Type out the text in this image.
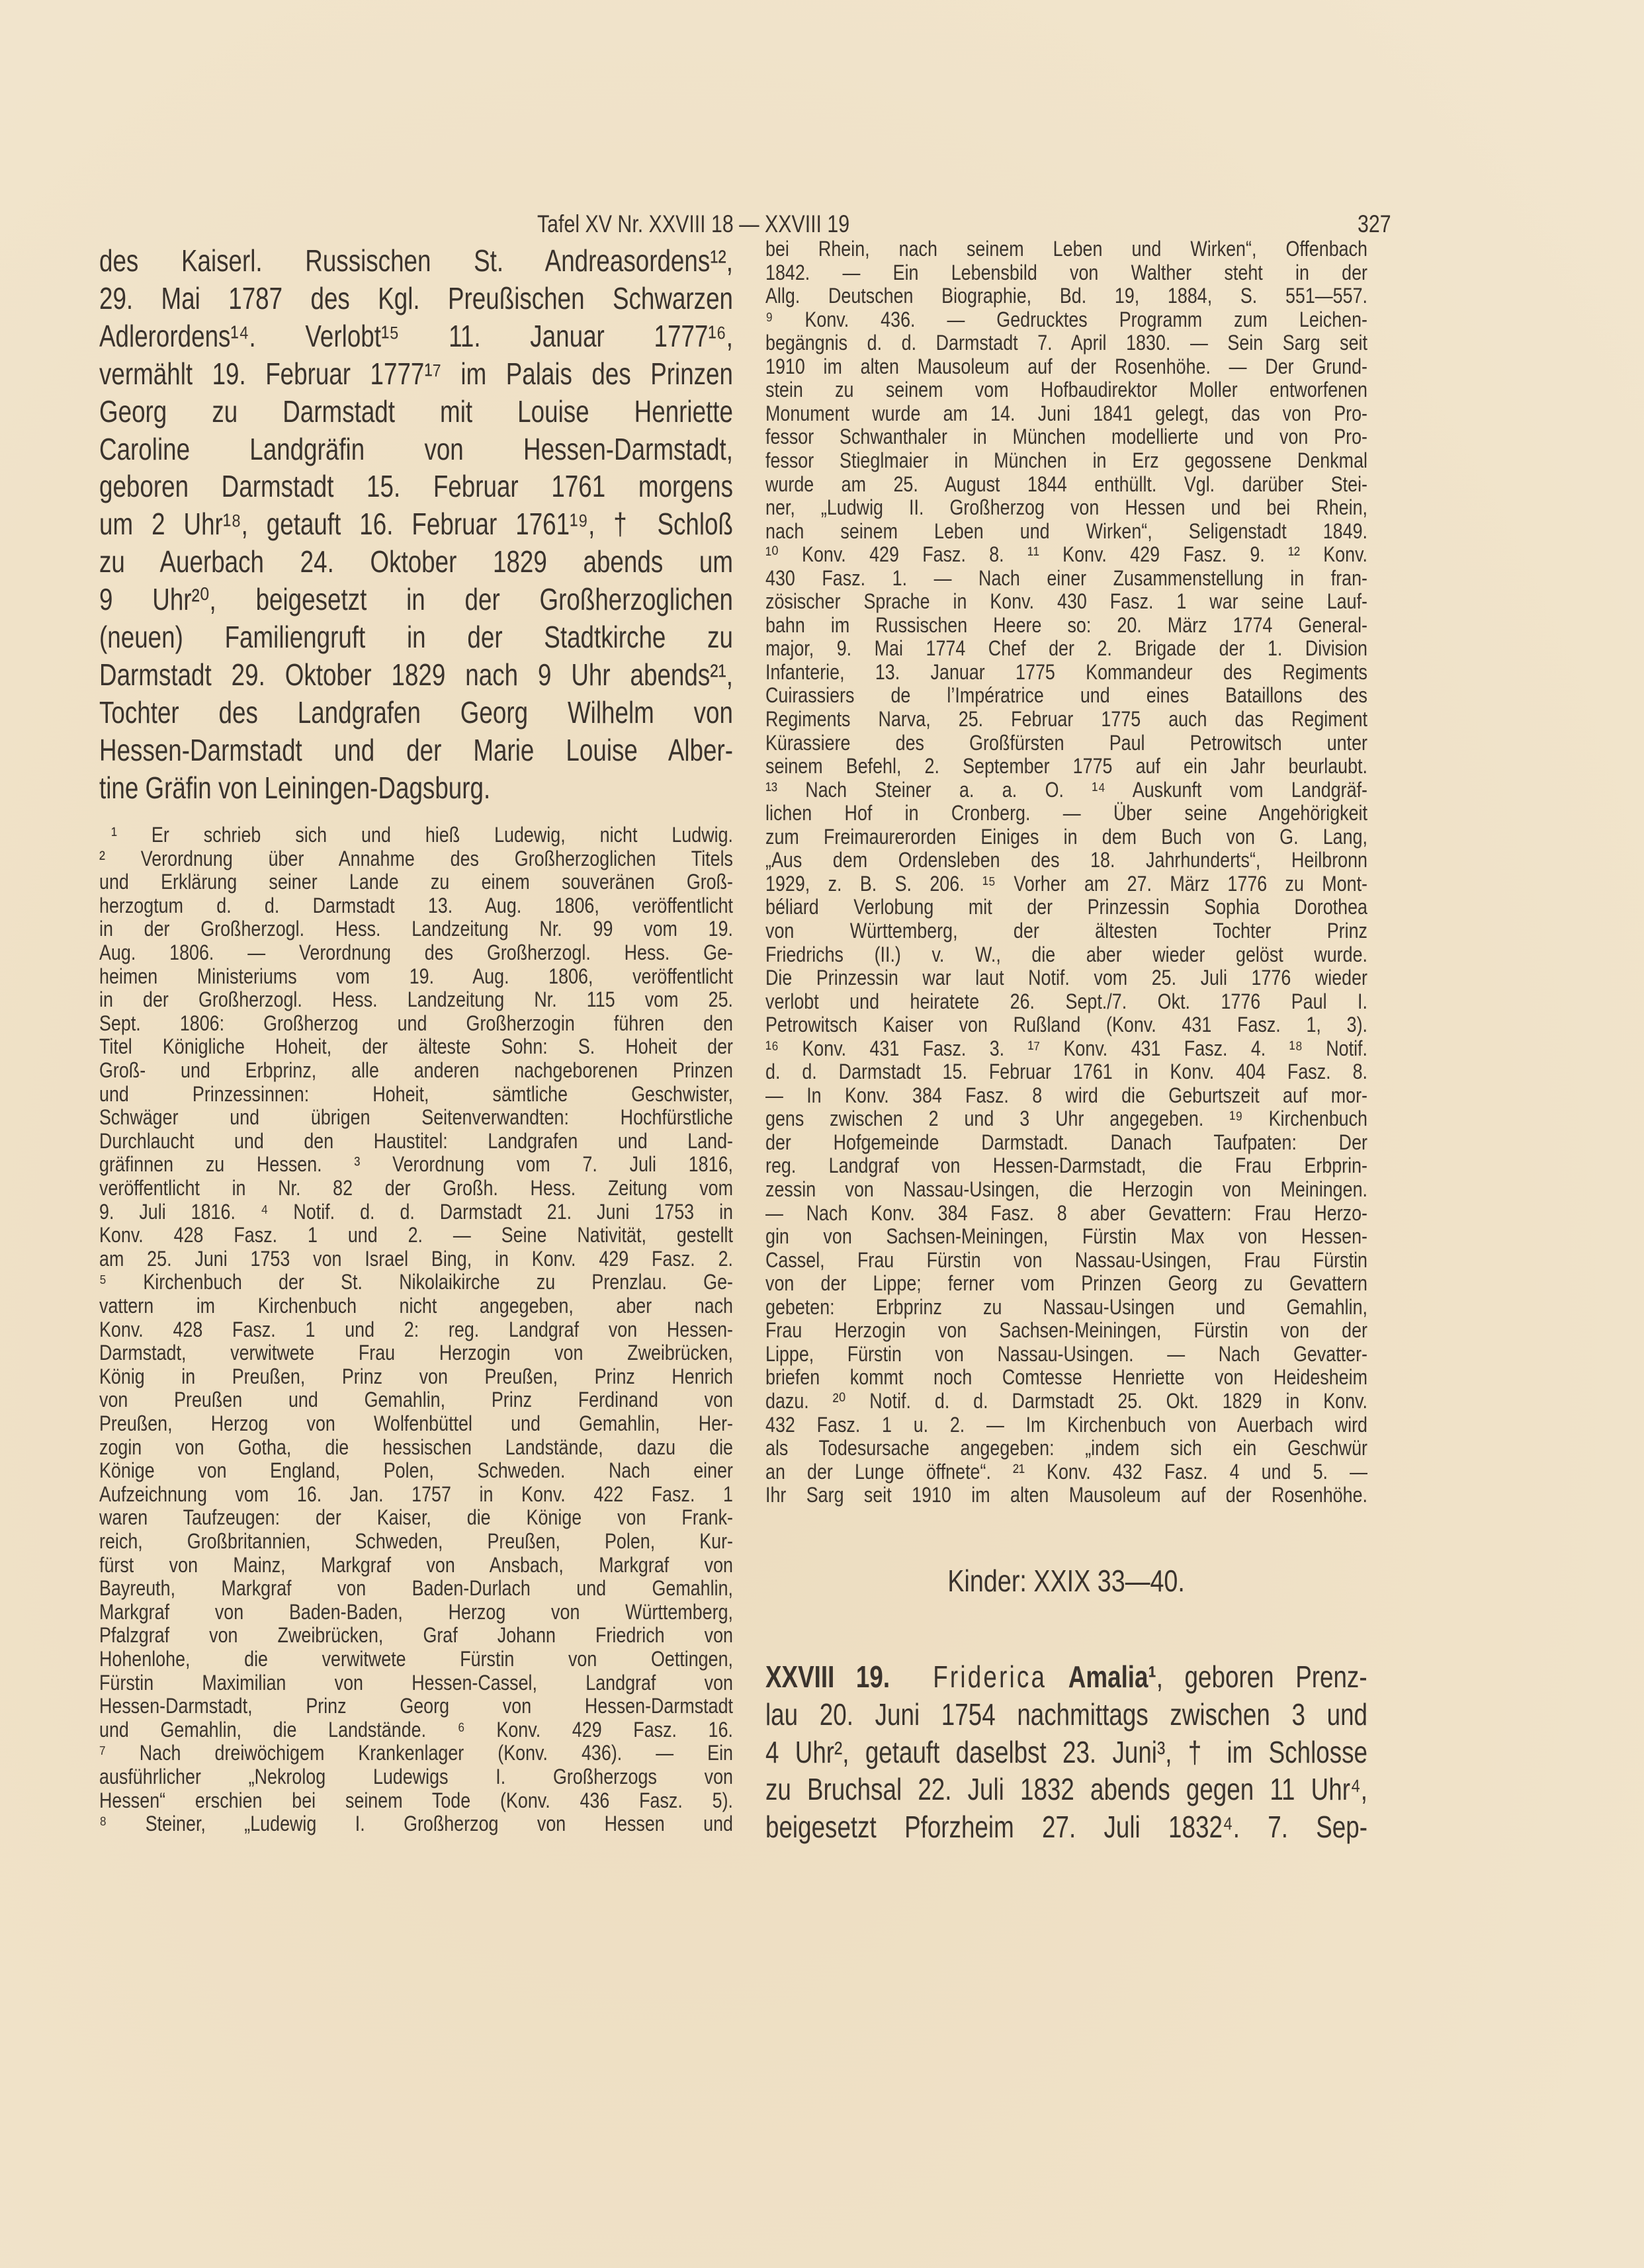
Tafel XV Nr. XXVIII 18 — XXVIII 19	327
des Kaiserl. Russischen St. Andreasordens¹²,
29. Mai 1787 des Kgl. Preußischen Schwarzen
Adlerordens¹⁴. Verlobt¹⁵ 11. Januar 1777¹⁶,
vermählt 19. Februar 1777¹⁷ im Palais des Prinzen
Georg zu Darmstadt mit Louise Henriette
Caroline Landgräfin von Hessen-Darmstadt,
geboren Darmstadt 15. Februar 1761 morgens
um 2 Uhr¹⁸, getauft 16. Februar 1761¹⁹, † Schloß
zu Auerbach 24. Oktober 1829 abends um
9 Uhr²⁰, beigesetzt in der Großherzoglichen
(neuen) Familiengruft in der Stadtkirche zu
Darmstadt 29. Oktober 1829 nach 9 Uhr abends²¹,
Tochter des Landgrafen Georg Wilhelm von
Hessen-Darmstadt und der Marie Louise Alber-
tine Gräfin von Leiningen-Dagsburg.
¹ Er schrieb sich und hieß Ludewig, nicht Ludwig.
² Verordnung über Annahme des Großherzoglichen Titels
und Erklärung seiner Lande zu einem souveränen Groß-
herzogtum d. d. Darmstadt 13. Aug. 1806, veröffentlicht
in der Großherzogl. Hess. Landzeitung Nr. 99 vom 19.
Aug. 1806. — Verordnung des Großherzogl. Hess. Ge-
heimen Ministeriums vom 19. Aug. 1806, veröffentlicht
in der Großherzogl. Hess. Landzeitung Nr. 115 vom 25.
Sept. 1806: Großherzog und Großherzogin führen den
Titel Königliche Hoheit, der älteste Sohn: S. Hoheit der
Groß- und Erbprinz, alle anderen nachgeborenen Prinzen
und Prinzessinnen: Hoheit, sämtliche Geschwister,
Schwäger und übrigen Seitenverwandten: Hochfürstliche
Durchlaucht und den Haustitel: Landgrafen und Land-
gräfinnen zu Hessen. ³ Verordnung vom 7. Juli 1816,
veröffentlicht in Nr. 82 der Großh. Hess. Zeitung vom
9. Juli 1816. ⁴ Notif. d. d. Darmstadt 21. Juni 1753 in
Konv. 428 Fasz. 1 und 2. — Seine Nativität, gestellt
am 25. Juni 1753 von Israel Bing, in Konv. 429 Fasz. 2.
⁵ Kirchenbuch der St. Nikolaikirche zu Prenzlau. Ge-
vattern im Kirchenbuch nicht angegeben, aber nach
Konv. 428 Fasz. 1 und 2: reg. Landgraf von Hessen-
Darmstadt, verwitwete Frau Herzogin von Zweibrücken,
König in Preußen, Prinz von Preußen, Prinz Henrich
von Preußen und Gemahlin, Prinz Ferdinand von
Preußen, Herzog von Wolfenbüttel und Gemahlin, Her-
zogin von Gotha, die hessischen Landstände, dazu die
Könige von England, Polen, Schweden. Nach einer
Aufzeichnung vom 16. Jan. 1757 in Konv. 422 Fasz. 1
waren Taufzeugen: der Kaiser, die Könige von Frank-
reich, Großbritannien, Schweden, Preußen, Polen, Kur-
fürst von Mainz, Markgraf von Ansbach, Markgraf von
Bayreuth, Markgraf von Baden-Durlach und Gemahlin,
Markgraf von Baden-Baden, Herzog von Württemberg,
Pfalzgraf von Zweibrücken, Graf Johann Friedrich von
Hohenlohe, die verwitwete Fürstin von Oettingen,
Fürstin Maximilian von Hessen-Cassel, Landgraf von
Hessen-Darmstadt, Prinz Georg von Hessen-Darmstadt
und Gemahlin, die Landstände. ⁶ Konv. 429 Fasz. 16.
⁷ Nach dreiwöchigem Krankenlager (Konv. 436). — Ein
ausführlicher „Nekrolog Ludewigs I. Großherzogs von
Hessen“ erschien bei seinem Tode (Konv. 436 Fasz. 5).
⁸ Steiner, „Ludewig I. Großherzog von Hessen und
bei Rhein, nach seinem Leben und Wirken“, Offenbach
1842. — Ein Lebensbild von Walther steht in der
Allg. Deutschen Biographie, Bd. 19, 1884, S. 551—557.
⁹ Konv. 436. — Gedrucktes Programm zum Leichen-
begängnis d. d. Darmstadt 7. April 1830. — Sein Sarg seit
1910 im alten Mausoleum auf der Rosenhöhe. — Der Grund-
stein zu seinem vom Hofbaudirektor Moller entworfenen
Monument wurde am 14. Juni 1841 gelegt, das von Pro-
fessor Schwanthaler in München modellierte und von Pro-
fessor Stieglmaier in München in Erz gegossene Denkmal
wurde am 25. August 1844 enthüllt. Vgl. darüber Stei-
ner, „Ludwig II. Großherzog von Hessen und bei Rhein,
nach seinem Leben und Wirken“, Seligenstadt 1849.
¹⁰ Konv. 429 Fasz. 8. ¹¹ Konv. 429 Fasz. 9. ¹² Konv.
430 Fasz. 1. — Nach einer Zusammenstellung in fran-
zösischer Sprache in Konv. 430 Fasz. 1 war seine Lauf-
bahn im Russischen Heere so: 20. März 1774 General-
major, 9. Mai 1774 Chef der 2. Brigade der 1. Division
Infanterie, 13. Januar 1775 Kommandeur des Regiments
Cuirassiers de l’Impératrice und eines Bataillons des
Regiments Narva, 25. Februar 1775 auch das Regiment
Kürassiere des Großfürsten Paul Petrowitsch unter
seinem Befehl, 2. September 1775 auf ein Jahr beurlaubt.
¹³ Nach Steiner a. a. O. ¹⁴ Auskunft vom Landgräf-
lichen Hof in Cronberg. — Über seine Angehörigkeit
zum Freimaurerorden Einiges in dem Buch von G. Lang,
„Aus dem Ordensleben des 18. Jahrhunderts“, Heilbronn
1929, z. B. S. 206. ¹⁵ Vorher am 27. März 1776 zu Mont-
béliard Verlobung mit der Prinzessin Sophia Dorothea
von Württemberg, der ältesten Tochter Prinz
Friedrichs (II.) v. W., die aber wieder gelöst wurde.
Die Prinzessin war laut Notif. vom 25. Juli 1776 wieder
verlobt und heiratete 26. Sept./7. Okt. 1776 Paul I.
Petrowitsch Kaiser von Rußland (Konv. 431 Fasz. 1, 3).
¹⁶ Konv. 431 Fasz. 3. ¹⁷ Konv. 431 Fasz. 4. ¹⁸ Notif.
d. d. Darmstadt 15. Februar 1761 in Konv. 404 Fasz. 8.
— In Konv. 384 Fasz. 8 wird die Geburtszeit auf mor-
gens zwischen 2 und 3 Uhr angegeben. ¹⁹ Kirchenbuch
der Hofgemeinde Darmstadt. Danach Taufpaten: Der
reg. Landgraf von Hessen-Darmstadt, die Frau Erbprin-
zessin von Nassau-Usingen, die Herzogin von Meiningen.
— Nach Konv. 384 Fasz. 8 aber Gevattern: Frau Herzo-
gin von Sachsen-Meiningen, Fürstin Max von Hessen-
Cassel, Frau Fürstin von Nassau-Usingen, Frau Fürstin
von der Lippe; ferner vom Prinzen Georg zu Gevattern
gebeten: Erbprinz zu Nassau-Usingen und Gemahlin,
Frau Herzogin von Sachsen-Meiningen, Fürstin von der
Lippe, Fürstin von Nassau-Usingen. — Nach Gevatter-
briefen kommt noch Comtesse Henriette von Heidesheim
dazu. ²⁰ Notif. d. d. Darmstadt 25. Okt. 1829 in Konv.
432 Fasz. 1 u. 2. — Im Kirchenbuch von Auerbach wird
als Todesursache angegeben: „indem sich ein Geschwür
an der Lunge öffnete“. ²¹ Konv. 432 Fasz. 4 und 5. —
Ihr Sarg seit 1910 im alten Mausoleum auf der Rosenhöhe.
Kinder: XXIX 33—40.
XXVIII 19. Friderica Amalia¹, geboren Prenz-
lau 20. Juni 1754 nachmittags zwischen 3 und
4 Uhr², getauft daselbst 23. Juni³, † im Schlosse
zu Bruchsal 22. Juli 1832 abends gegen 11 Uhr⁴,
beigesetzt Pforzheim 27. Juli 1832⁴. 7. Sep-
